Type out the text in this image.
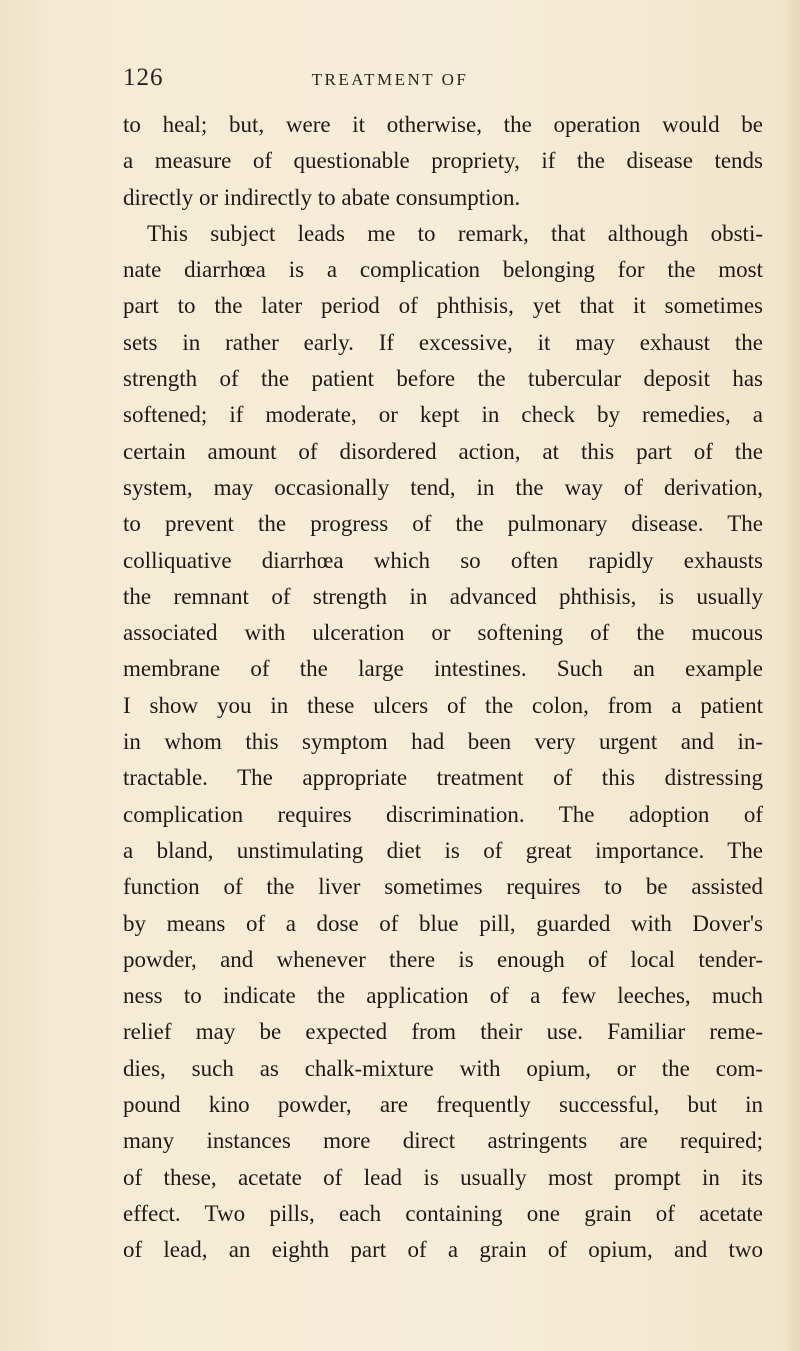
126	TREATMENT OF
to heal; but, were it otherwise, the operation would be
a measure of questionable propriety, if the disease tends
directly or indirectly to abate consumption.
This subject leads me to remark, that although obsti-
nate diarrhœa is a complication belonging for the most
part to the later period of phthisis, yet that it sometimes
sets in rather early. If excessive, it may exhaust the
strength of the patient before the tubercular deposit has
softened; if moderate, or kept in check by remedies, a
certain amount of disordered action, at this part of the
system, may occasionally tend, in the way of derivation,
to prevent the progress of the pulmonary disease. The
colliquative diarrhœa which so often rapidly exhausts
the remnant of strength in advanced phthisis, is usually
associated with ulceration or softening of the mucous
membrane of the large intestines. Such an example
I show you in these ulcers of the colon, from a patient
in whom this symptom had been very urgent and in-
tractable. The appropriate treatment of this distressing
complication requires discrimination. The adoption of
a bland, unstimulating diet is of great importance. The
function of the liver sometimes requires to be assisted
by means of a dose of blue pill, guarded with Dover's
powder, and whenever there is enough of local tender-
ness to indicate the application of a few leeches, much
relief may be expected from their use. Familiar reme-
dies, such as chalk-mixture with opium, or the com-
pound kino powder, are frequently successful, but in
many instances more direct astringents are required;
of these, acetate of lead is usually most prompt in its
effect. Two pills, each containing one grain of acetate
of lead, an eighth part of a grain of opium, and two
